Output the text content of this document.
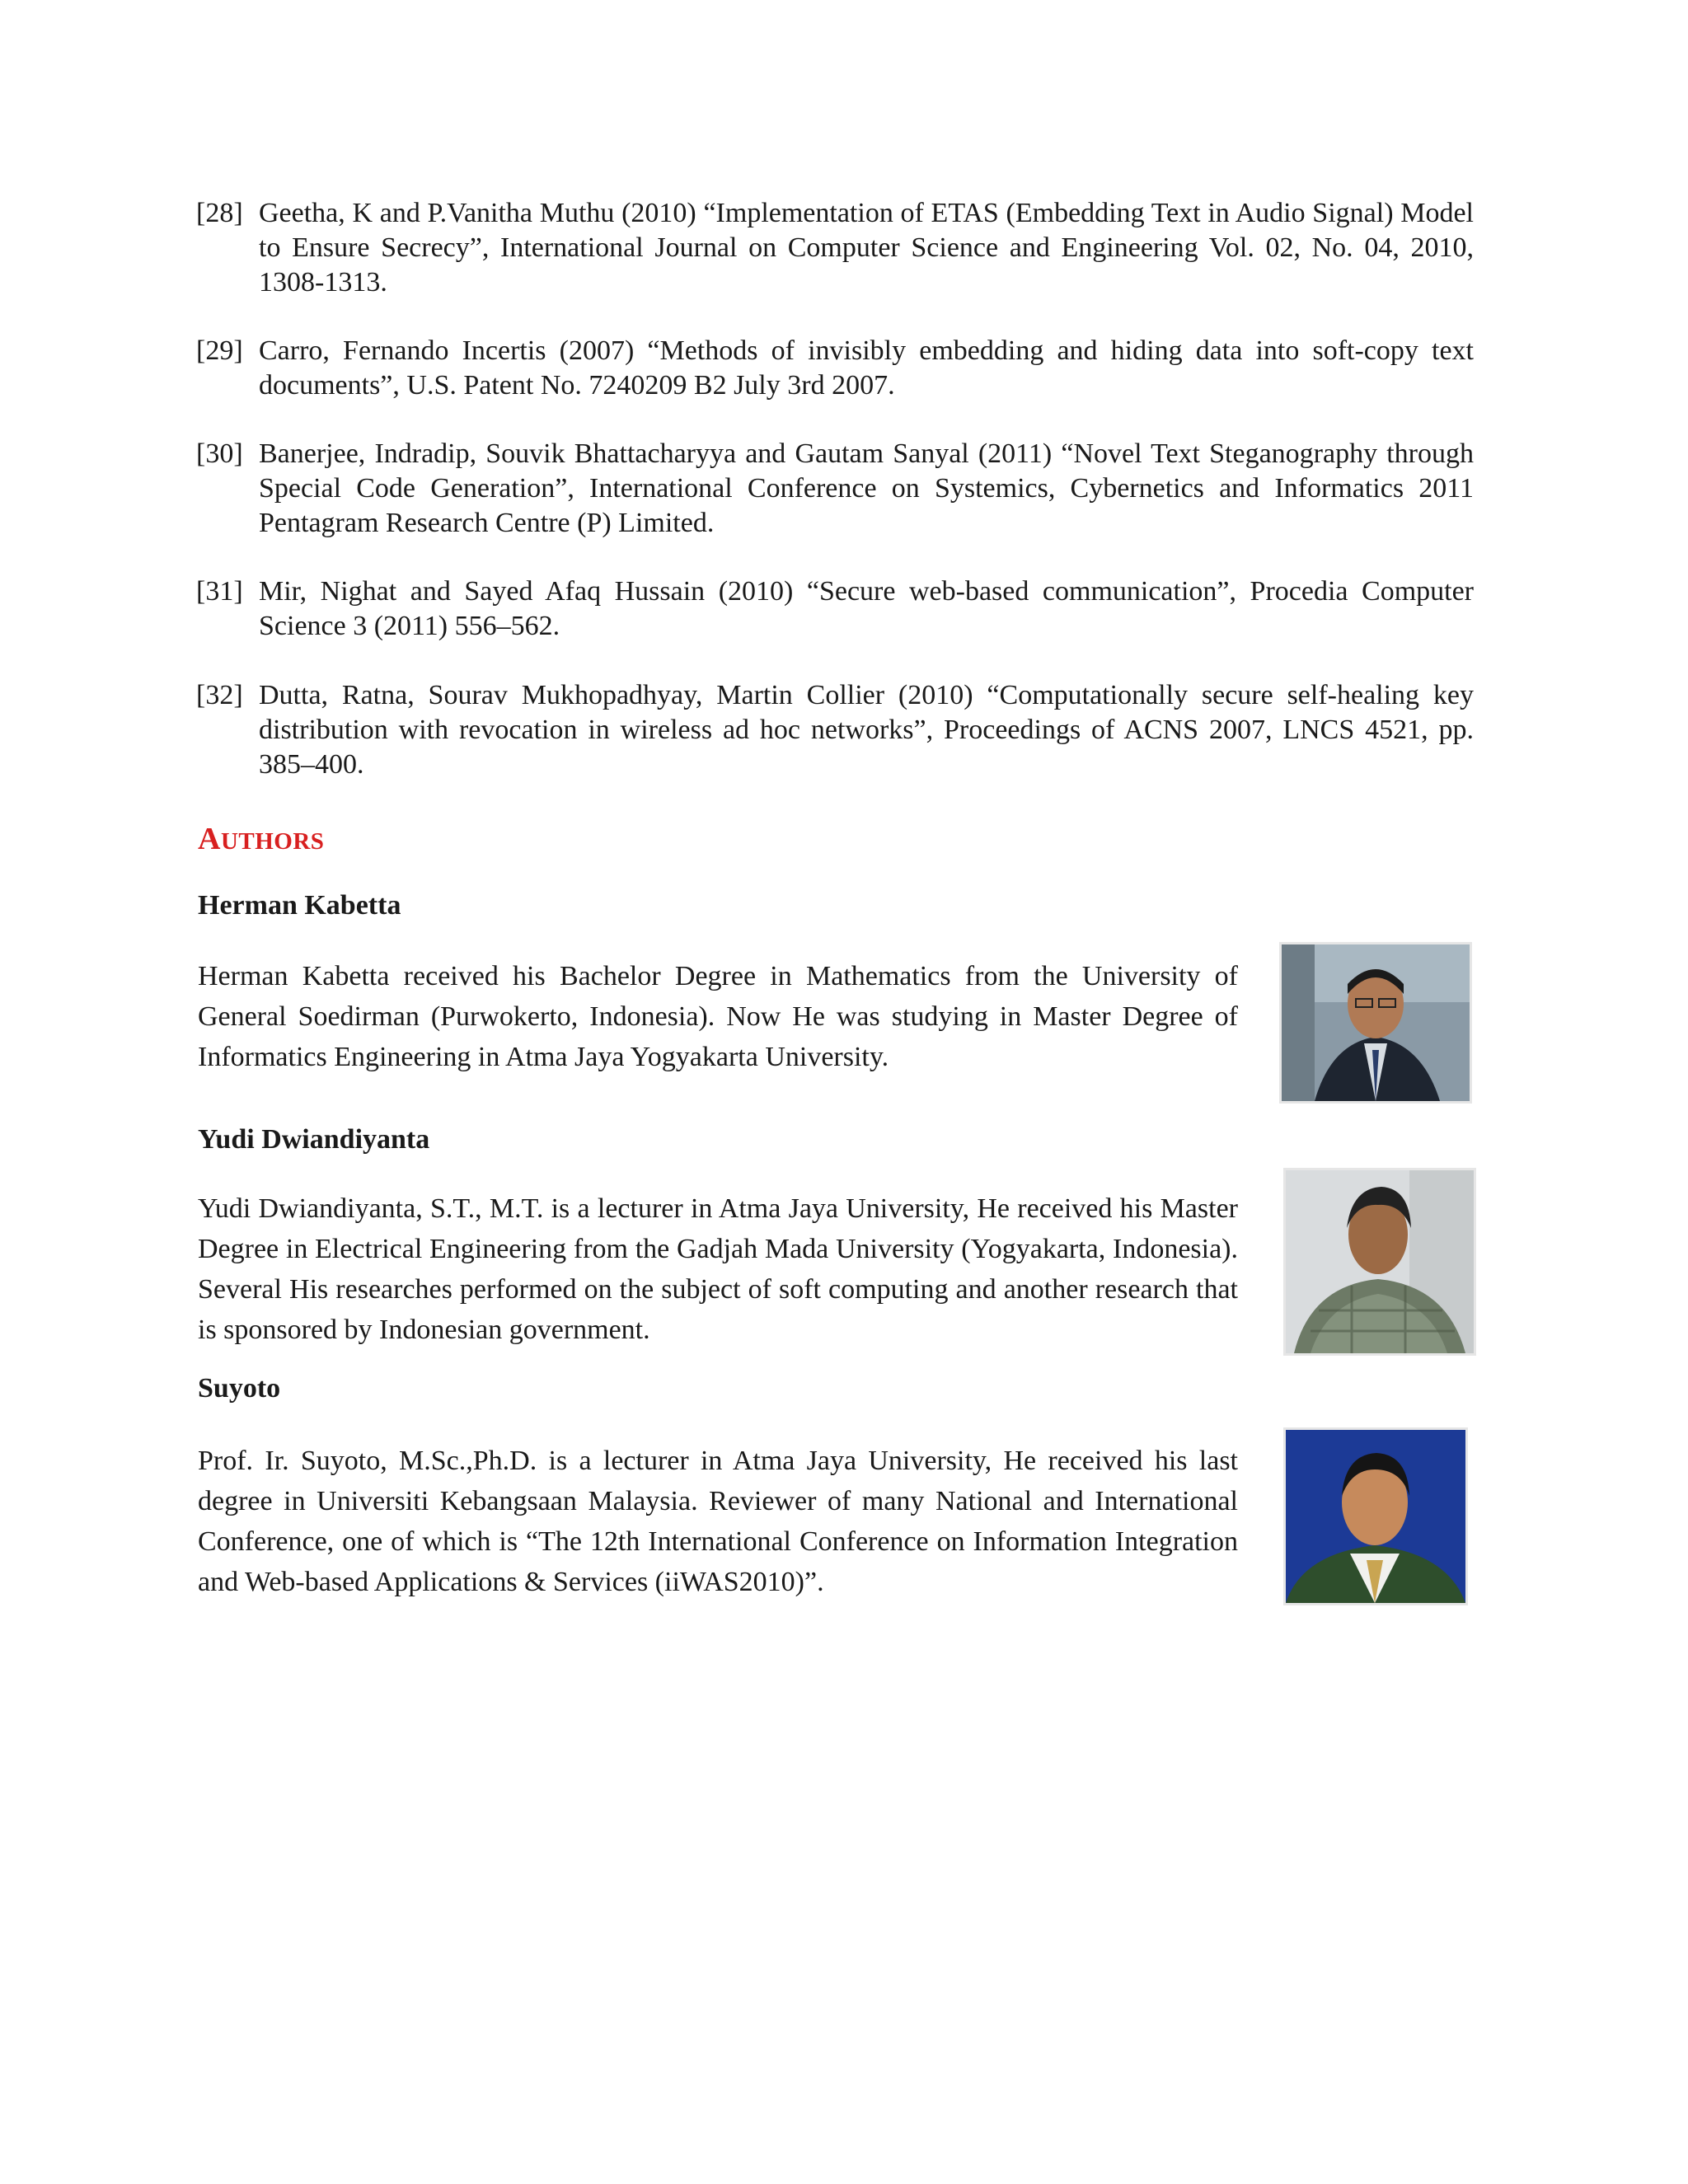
[28] Geetha, K and P.Vanitha Muthu (2010) “Implementation of ETAS (Embedding Text in Audio Signal) Model to Ensure Secrecy”, International Journal on Computer Science and Engineering Vol. 02, No. 04, 2010, 1308-1313.
[29] Carro, Fernando Incertis (2007) “Methods of invisibly embedding and hiding data into soft-copy text documents”, U.S. Patent No. 7240209 B2 July 3rd 2007.
[30] Banerjee, Indradip, Souvik Bhattacharyya and Gautam Sanyal (2011) “Novel Text Steganography through Special Code Generation”, International Conference on Systemics, Cybernetics and Informatics 2011 Pentagram Research Centre (P) Limited.
[31] Mir, Nighat and Sayed Afaq Hussain (2010) “Secure web-based communication”, Procedia Computer Science 3 (2011) 556–562.
[32] Dutta, Ratna, Sourav Mukhopadhyay, Martin Collier (2010) “Computationally secure self-healing key distribution with revocation in wireless ad hoc networks”, Proceedings of ACNS 2007, LNCS 4521, pp. 385–400.
AUTHORS
Herman Kabetta
Herman Kabetta received his Bachelor Degree in Mathematics from the University of General Soedirman (Purwokerto, Indonesia). Now He was studying in Master Degree of Informatics Engineering in Atma Jaya Yogyakarta University.
Yudi Dwiandiyanta
Yudi Dwiandiyanta, S.T., M.T. is a lecturer in Atma Jaya University, He received his Master Degree in Electrical Engineering from the Gadjah Mada University (Yogyakarta, Indonesia). Several His researches performed on the subject of soft computing and another research that is sponsored by Indonesian government.
Suyoto
Prof. Ir. Suyoto, M.Sc.,Ph.D. is a lecturer in Atma Jaya University, He received his last degree in Universiti Kebangsaan Malaysia. Reviewer of many National and International Conference, one of which is “The 12th International Conference on Information Integration and Web-based Applications & Services (iiWAS2010)”.
